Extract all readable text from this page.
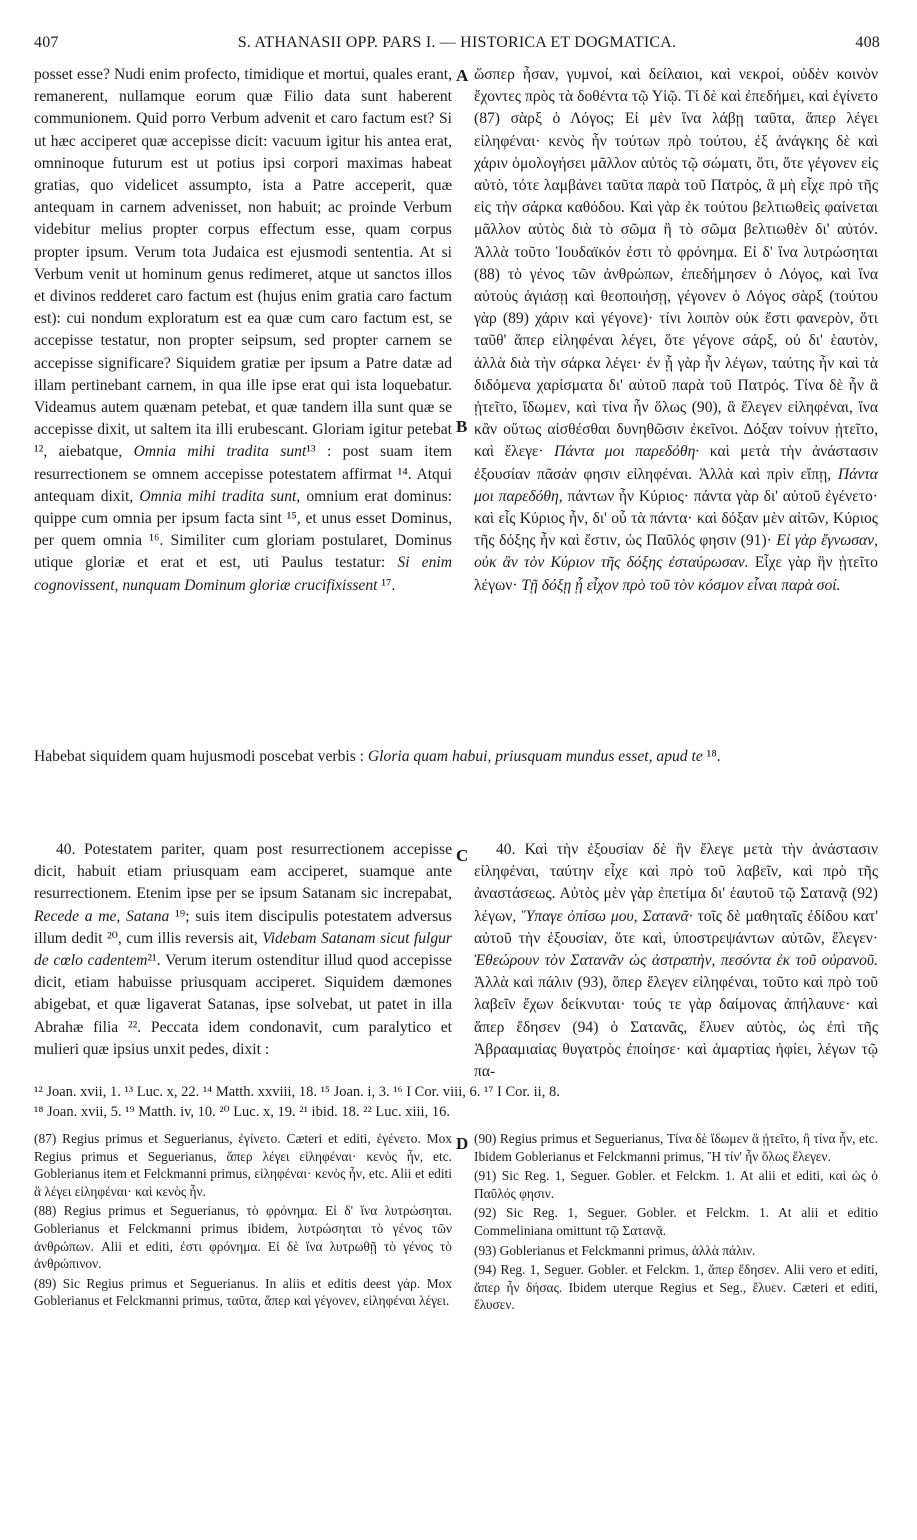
407	S. ATHANASII OPP. PARS I. — HISTORICA ET DOGMATICA.	408
A
B
C
D

posset esse? Nudi enim profecto, timidique et mortui, quales erant, remanerent, nullamque eorum quæ Filio data sunt haberent communionem. Quid porro Verbum advenit et caro factum est? Si ut hæc acciperet quæ accepisse dicit: vacuum igitur his antea erat, omninoque futurum est ut potius ipsi corpori maximas habeat gratias, quo videlicet assumpto, ista a Patre acceperit, quæ antequam in carnem advenisset, non habuit; ac proinde Verbum videbitur melius propter corpus effectum esse, quam corpus propter ipsum. Verum tota Judaica est ejusmodi sententia. At si Verbum venit ut hominum genus redimeret, atque ut sanctos illos et divinos redderet caro factum est (hujus enim gratia caro factum est): cui nondum exploratum est ea quæ cum caro factum est, se accepisse testatur, non propter seipsum, sed propter carnem se accepisse significare? Siquidem gratiæ per ipsum a Patre datæ ad illam pertinebant carnem, in qua ille ipse erat qui ista loquebatur. Videamus autem quænam petebat, et quæ tandem illa sunt quæ se accepisse dixit, ut saltem ita illi erubescant. Gloriam igitur petebat ¹², aiebatque, Omnia mihi tradita sunt¹³ : post suam item resurrectionem se omnem accepisse potestatem affirmat ¹⁴. Atqui antequam dixit, Omnia mihi tradita sunt, omnium erat dominus: quippe cum omnia per ipsum facta sint ¹⁵, et unus esset Dominus, per quem omnia ¹⁶. Similiter cum gloriam postularet, Dominus utique gloriæ et erat et est, uti Paulus testatur: Si enim cognovissent, nunquam Dominum gloriæ crucifixissent ¹⁷.

ὥσπερ ἦσαν, γυμνοί, καὶ δείλαιοι, καὶ νεκροί, οὐδὲν κοινὸν ἔχοντες πρὸς τὰ δοθέντα τῷ Υἱῷ. Τί δὲ καὶ ἐπεδήμει, καὶ ἐγίνετο (87) σὰρξ ὁ Λόγος; Εἰ μὲν ἵνα λάβῃ ταῦτα, ἅπερ λέγει εἰληφέναι· κενὸς ἦν τούτων πρὸ τούτου, ἐξ ἀνάγκης δὲ καὶ χάριν ὁμολογήσει μᾶλλον αὐτὸς τῷ σώματι, ὅτι, ὅτε γέγονεν εἰς αὐτὸ, τότε λαμβάνει ταῦτα παρὰ τοῦ Πατρὸς, ἃ μὴ εἶχε πρὸ τῆς εἰς τὴν σάρκα καθόδου. Καὶ γὰρ ἐκ τούτου βελτιωθεὶς φαίνεται μᾶλλον αὐτὸς διὰ τὸ σῶμα ἢ τὸ σῶμα βελτιωθὲν δι' αὐτόν. Ἀλλὰ τοῦτο Ἰουδαϊκόν ἐστι τὸ φρόνημα. Εἰ δ' ἵνα λυτρώσηται (88) τὸ γένος τῶν ἀνθρώπων, ἐπεδήμησεν ὁ Λόγος, καὶ ἵνα αὐτοὺς ἁγιάσῃ καὶ θεοποιήσῃ, γέγονεν ὁ Λόγος σὰρξ (τούτου γὰρ (89) χάριν καὶ γέγονε)· τίνι λοιπὸν οὐκ ἔστι φανερὸν, ὅτι ταῦθ' ἅπερ εἰληφέναι λέγει, ὅτε γέγονε σάρξ, οὐ δι' ἑαυτὸν, ἀλλὰ διὰ τὴν σάρκα λέγει· ἐν ᾗ γὰρ ἦν λέγων, ταύτης ἦν καὶ τὰ διδόμενα χαρίσματα δι' αὐτοῦ παρὰ τοῦ Πατρός. Τίνα δὲ ἦν ἃ ᾐτεῖτο, ἴδωμεν, καὶ τίνα ἦν ὅλως (90), ἃ ἔλεγεν εἰληφέναι, ἵνα κἂν οὕτως αἰσθέσθαι δυνηθῶσιν ἐκεῖνοι. Δόξαν τοίνυν ᾐτεῖτο, καὶ ἔλεγε· Πάντα μοι παρεδόθη· καὶ μετὰ τὴν ἀνάστασιν ἐξουσίαν πᾶσάν φησιν εἰληφέναι. Ἀλλὰ καὶ πρὶν εἴπῃ, Πάντα μοι παρεδόθη, πάντων ἦν Κύριος· πάντα γὰρ δι' αὐτοῦ ἐγένετο· καὶ εἷς Κύριος ἦν, δι' οὗ τὰ πάντα· καὶ δόξαν μὲν αἰτῶν, Κύριος τῆς δόξης ἦν καὶ ἔστιν, ὡς Παῦλός φησιν (91)· Εἰ γὰρ ἔγνωσαν, οὐκ ἂν τὸν Κύριον τῆς δόξης ἐσταύρωσαν. Εἶχε γὰρ ἣν ᾐτεῖτο λέγων· Τῇ δόξῃ ᾗ εἶχον πρὸ τοῦ τὸν κόσμον εἶναι παρὰ σοί.

Habebat siquidem quam hujusmodi poscebat verbis : Gloria quam habui, priusquam mundus esset, apud te ¹⁸.

40. Potestatem pariter, quam post resurrectionem accepisse dicit, habuit etiam priusquam eam acciperet, suamque ante resurrectionem. Etenim ipse per se ipsum Satanam sic increpabat, Recede a me, Satana ¹⁹; suis item discipulis potestatem adversus illum dedit ²⁰, cum illis reversis ait, Videbam Satanam sicut fulgur de cœlo cadentem²¹. Verum iterum ostenditur illud quod accepisse dicit, etiam habuisse priusquam acciperet. Siquidem dæmones abigebat, et quæ ligaverat Satanas, ipse solvebat, ut patet in illa Abrahæ filia ²². Peccata idem condonavit, cum paralytico et mulieri quæ ipsius unxit pedes, dixit :

40. Καὶ τὴν ἐξουσίαν δὲ ἣν ἔλεγε μετὰ τὴν ἀνάστασιν εἰληφέναι, ταύτην εἶχε καὶ πρὸ τοῦ λαβεῖν, καὶ πρὸ τῆς ἀναστάσεως. Αὐτὸς μὲν γὰρ ἐπετίμα δι' ἑαυτοῦ τῷ Σατανᾷ (92) λέγων, Ὕπαγε ὀπίσω μου, Σατανᾶ· τοῖς δὲ μαθηταῖς ἐδίδου κατ' αὐτοῦ τὴν ἐξουσίαν, ὅτε καὶ, ὑποστρεψάντων αὐτῶν, ἔλεγεν· Ἐθεώρουν τὸν Σατανᾶν ὡς ἀστραπὴν, πεσόντα ἐκ τοῦ οὐρανοῦ. Ἀλλὰ καὶ πάλιν (93), ὅπερ ἔλεγεν εἰληφέναι, τοῦτο καὶ πρὸ τοῦ λαβεῖν ἔχων δείκνυται· τούς τε γὰρ δαίμονας ἀπήλαυνε· καὶ ἅπερ ἔδησεν (94) ὁ Σατανᾶς, ἔλυεν αὐτὸς, ὡς ἐπὶ τῆς Ἀβρααμιαίας θυγατρὸς ἐποίησε· καὶ ἁμαρτίας ἠφίει, λέγων τῷ πα-

¹² Joan. xvii, 1. ¹³ Luc. x, 22. ¹⁴ Matth. xxviii, 18. ¹⁵ Joan. i, 3. ¹⁶ I Cor. viii, 6. ¹⁷ I Cor. ii, 8.
¹⁸ Joan. xvii, 5. ¹⁹ Matth. iv, 10. ²⁰ Luc. x, 19. ²¹ ibid. 18. ²² Luc. xiii, 16.

(87) Regius primus et Seguerianus, ἐγίνετο. Cæteri et editi, ἐγένετο. Mox Regius primus et Seguerianus, ἅπερ λέγει εἰληφέναι· κενὸς ἦν, etc. Goblerianus item et Felckmanni primus, εἰληφέναι· κενὸς ἦν, etc. Alii et editi ἃ λέγει εἰληφέναι· καὶ κενὸς ἦν.

(88) Regius primus et Seguerianus, τὸ φρόνημα. Εἰ δ' ἵνα λυτρώσηται. Goblerianus et Felckmanni primus ibidem, λυτρώσηται τὸ γένος τῶν ἀνθρώπων. Alii et editi, ἐστι φρόνημα. Εἰ δὲ ἵνα λυτρωθῇ τὸ γένος τὸ ἀνθρώπινον.

(89) Sic Regius primus et Seguerianus. In aliis et editis deest γάρ. Mox Goblerianus et Felckmanni primus, ταῦτα, ἅπερ καὶ γέγονεν, εἰληφέναι λέγει.

(90) Regius primus et Seguerianus, Τίνα δὲ ἴδωμεν ἃ ᾐτεῖτο, ἢ τίνα ἦν, etc. Ibidem Goblerianus et Felckmanni primus, Ἢ τίν' ἦν ὅλως ἔλεγεν.

(91) Sic Reg. 1, Seguer. Gobler. et Felckm. 1. At alii et editi, καὶ ὡς ὁ Παῦλός φησιν.

(92) Sic Reg. 1, Seguer. Gobler. et Felckm. 1. At alii et editio Commeliniana omittunt τῷ Σατανᾷ.

(93) Goblerianus et Felckmanni primus, ἀλλὰ πάλιν.

(94) Reg. 1, Seguer. Gobler. et Felckm. 1, ἅπερ ἔδησεν. Alii vero et editi, ἅπερ ἦν δήσας. Ibidem uterque Regius et Seg., ἔλυεν. Cæteri et editi, ἔλυσεν.
